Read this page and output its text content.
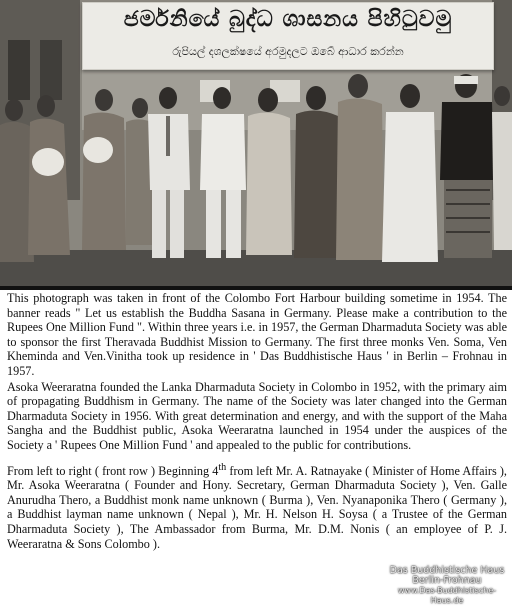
ජර්මනියේ බුද්ධ ශාසනය පිහිටුවමු
රුපියල් දශලක්ෂයේ අරමුදලට ඔබේ ආධාර කරන්න

This photograph was taken in front of the Colombo Fort Harbour building sometime in 1954. The banner reads " Let us establish the Buddha Sasana in Germany. Please make a contribution to the Rupees One Million Fund ". Within three years i.e. in 1957, the German Dharmaduta Society was able to sponsor the first Theravada Buddhist Mission to Germany. The first three monks Ven. Soma, Ven Kheminda and Ven.Vinitha took up residence in ' Das Buddhistische Haus ' in Berlin – Frohnau in 1957.

Asoka Weeraratna founded the Lanka Dharmaduta Society in Colombo in 1952, with the primary aim of propagating Buddhism in Germany. The name of the Society was later changed into the German Dharmaduta Society in 1956. With great determination and energy, and with the support of the Maha Sangha and the Buddhist public, Asoka Weeraratna launched in 1954 under the auspices of the Society a ' Rupees One Million Fund ' and appealed to the public for contributions.

From left to right ( front row ) Beginning 4th from left Mr. A. Ratnayake ( Minister of Home Affairs ), Mr. Asoka Weeraratna ( Founder and Hony. Secretary, German Dharmaduta Society ), Ven. Galle Anurudha Thero, a Buddhist monk name unknown ( Burma ), Ven. Nyanaponika Thero ( Germany ), a Buddhist layman name unknown ( Nepal ), Mr. H. Nelson H. Soysa ( a Trustee of the German Dharmaduta Society ), The Ambassador from Burma, Mr. D.M. Nonis ( an employee of P. J. Weeraratna & Sons Colombo ).

Das Buddhistische Haus
Berlin-Frohnau
www.Das-Buddhistische-Haus.de
